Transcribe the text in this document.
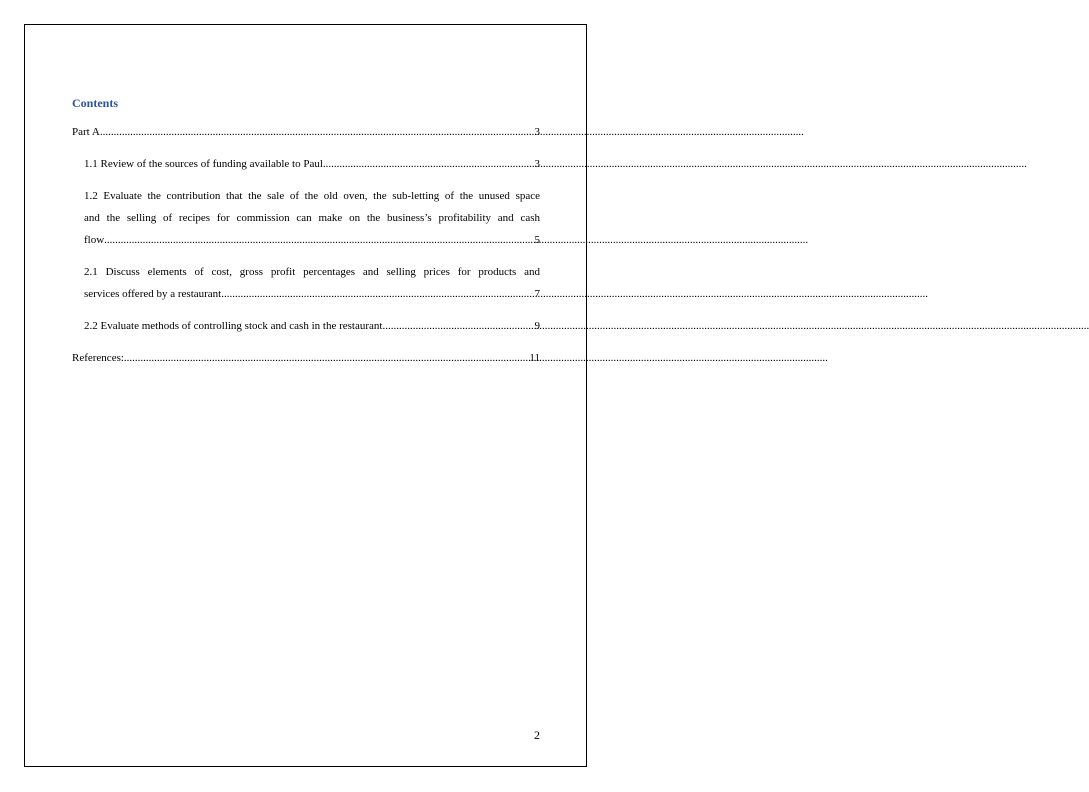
Contents
Part A .....	3
1.1 Review of the sources of funding available to Paul .....	3
1.2 Evaluate the contribution that the sale of the old oven, the sub-letting of the unused space
and the selling of recipes for commission can make on the business’s profitability and cash
flow .....	5
2.1 Discuss elements of cost, gross profit percentages and selling prices for products and
services offered by a restaurant. .....	7
2.2 Evaluate methods of controlling stock and cash in the restaurant. .....	9
References: .....	11
2
